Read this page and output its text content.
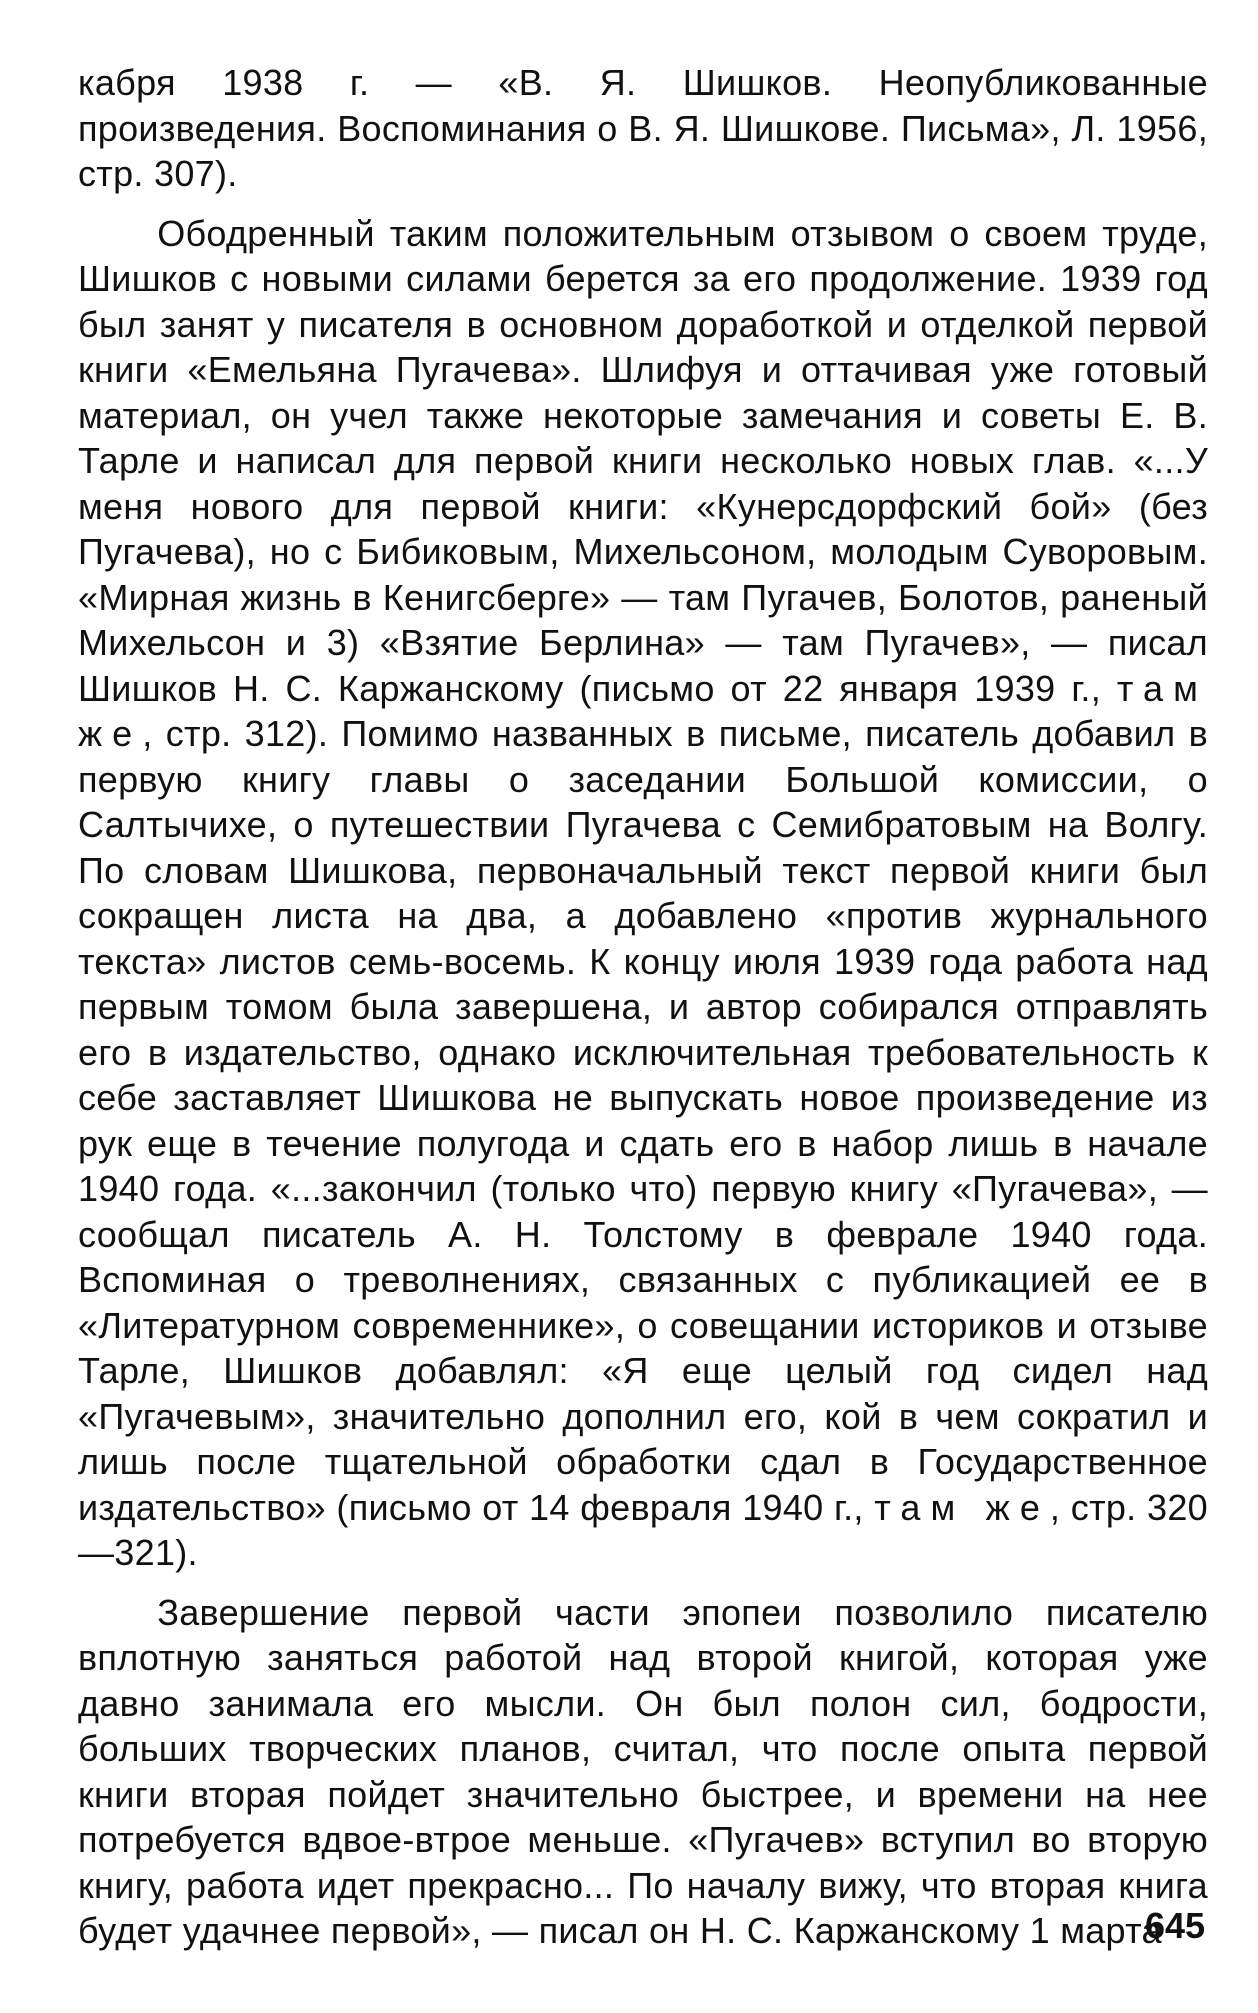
кабря 1938 г. — «В. Я. Шишков. Неопубликованные произведения. Воспоминания о В. Я. Шишкове. Письма», Л. 1956, стр. 307).

Ободренный таким положительным отзывом о своем труде, Шишков с новыми силами берется за его продолжение. 1939 год был занят у писателя в основном доработкой и отделкой первой книги «Емельяна Пугачева». Шлифуя и оттачивая уже готовый материал, он учел также некоторые замечания и советы Е. В. Тарле и написал для первой книги несколько новых глав. «...У меня нового для первой книги: «Кунерсдорфский бой» (без Пугачева), но с Бибиковым, Михельсоном, молодым Суворовым. «Мирная жизнь в Кенигсберге» — там Пугачев, Болотов, раненый Михельсон и 3) «Взятие Берлина» — там Пугачев», — писал Шишков Н. С. Каржанскому (письмо от 22 января 1939 г., там же, стр. 312). Помимо названных в письме, писатель добавил в первую книгу главы о заседании Большой комиссии, о Салтычихе, о путешествии Пугачева с Семибратовым на Волгу. По словам Шишкова, первоначальный текст первой книги был сокращен листа на два, а добавлено «против журнального текста» листов семь-восемь. К концу июля 1939 года работа над первым томом была завершена, и автор собирался отправлять его в издательство, однако исключительная требовательность к себе заставляет Шишкова не выпускать новое произведение из рук еще в течение полугода и сдать его в набор лишь в начале 1940 года. «...закончил (только что) первую книгу «Пугачева», — сообщал писатель А. Н. Толстому в феврале 1940 года. Вспоминая о треволнениях, связанных с публикацией ее в «Литературном современнике», о совещании историков и отзыве Тарле, Шишков добавлял: «Я еще целый год сидел над «Пугачевым», значительно дополнил его, кой в чем сократил и лишь после тщательной обработки сдал в Государственное издательство» (письмо от 14 февраля 1940 г., там же, стр. 320—321).

Завершение первой части эпопеи позволило писателю вплотную заняться работой над второй книгой, которая уже давно занимала его мысли. Он был полон сил, бодрости, больших творческих планов, считал, что после опыта первой книги вторая пойдет значительно быстрее, и времени на нее потребуется вдвое-втрое меньше. «Пугачев» вступил во вторую книгу, работа идет прекрасно... По началу вижу, что вторая книга будет удачнее первой», — писал он Н. С. Каржанскому 1 марта

645
